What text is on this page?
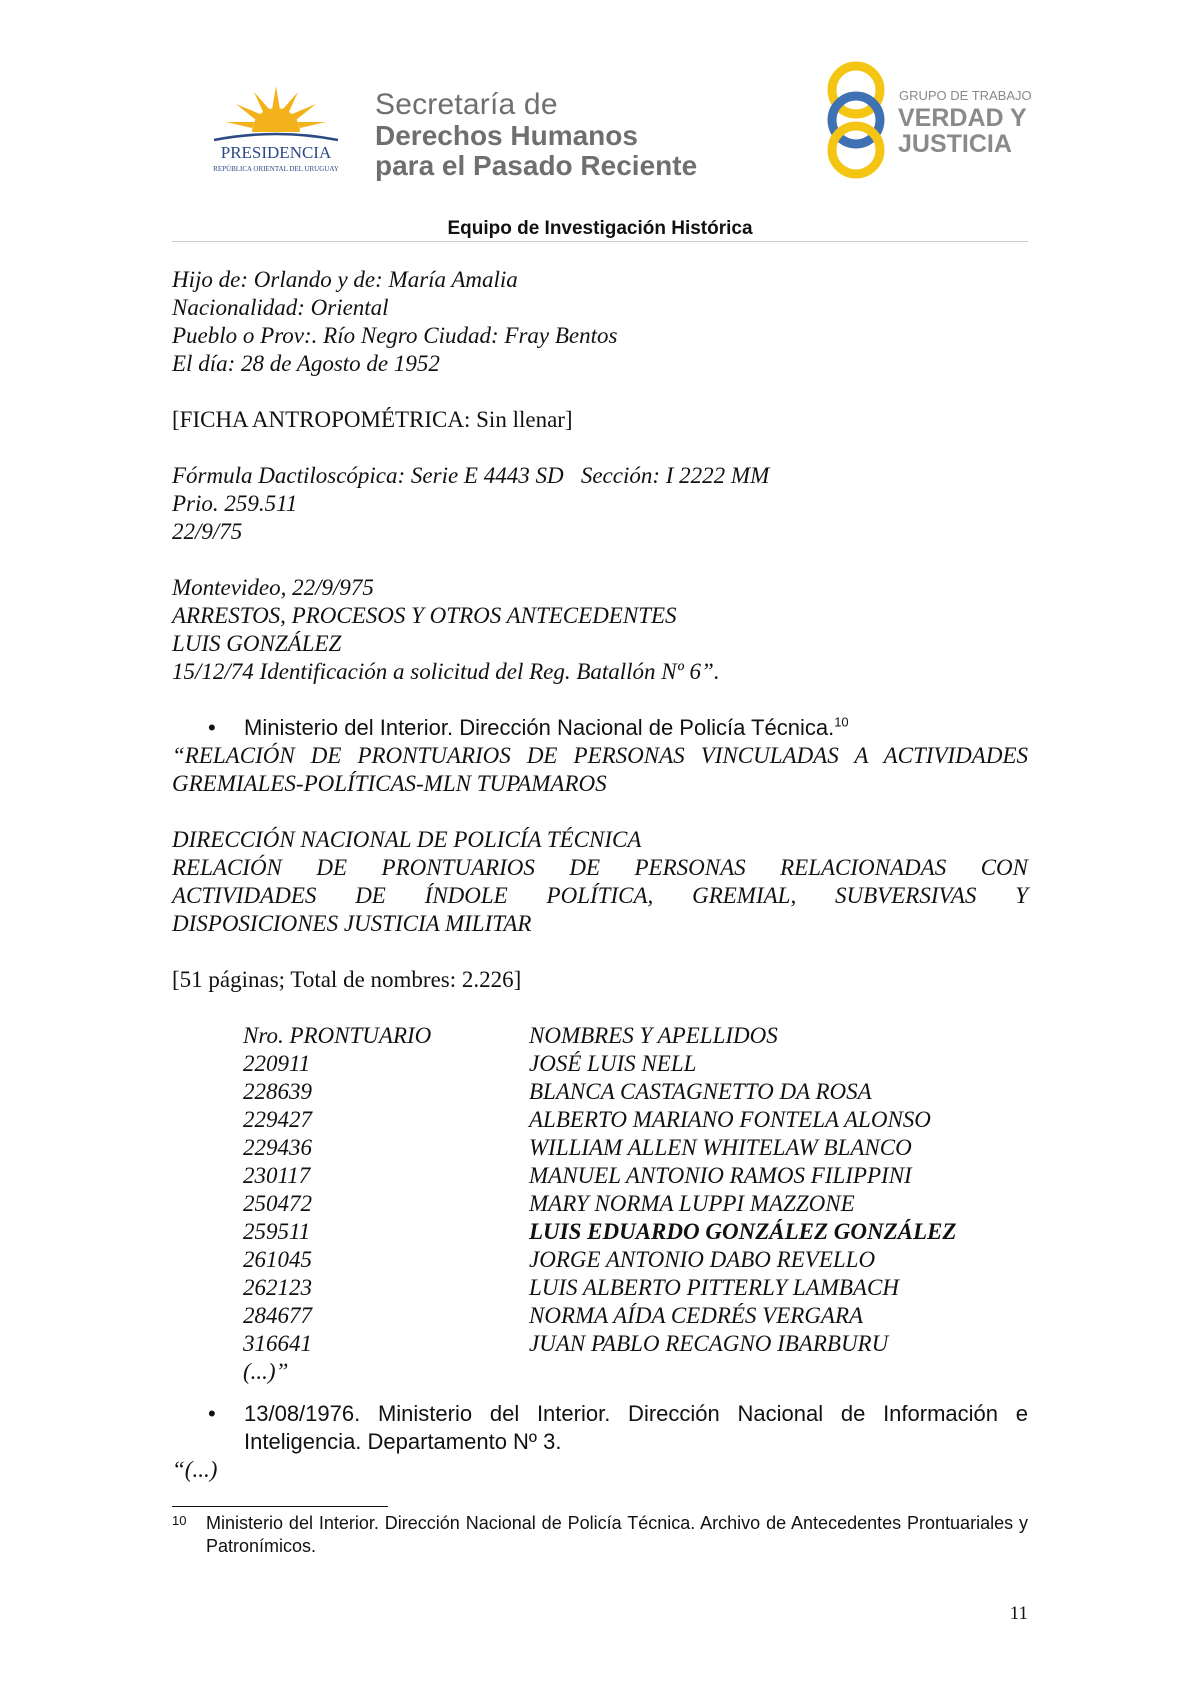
PRESIDENCIA
REPÚBLICA ORIENTAL DEL URUGUAY
Secretaría de
Derechos Humanos
para el Pasado Reciente
GRUPO DE TRABAJO
VERDAD Y
JUSTICIA
Equipo de Investigación Histórica
Hijo de: Orlando y de: María Amalia
Nacionalidad: Oriental
Pueblo o Prov:. Río Negro Ciudad: Fray Bentos
El día: 28 de Agosto de 1952
[FICHA ANTROPOMÉTRICA: Sin llenar]
Fórmula Dactiloscópica: Serie E 4443 SD   Sección: I 2222 MM
Prio. 259.511
22/9/75
Montevideo, 22/9/975
ARRESTOS, PROCESOS Y OTROS ANTECEDENTES
LUIS GONZÁLEZ
15/12/74 Identificación a solicitud del Reg. Batallón Nº 6”.
• Ministerio del Interior. Dirección Nacional de Policía Técnica.$^{10}$
“RELACIÓN DE PRONTUARIOS DE PERSONAS VINCULADAS A ACTIVIDADES
GREMIALES-POLÍTICAS-MLN TUPAMAROS
DIRECCIÓN NACIONAL DE POLICÍA TÉCNICA
RELACIÓN DE PRONTUARIOS DE PERSONAS RELACIONADAS CON
ACTIVIDADES DE ÍNDOLE POLÍTICA, GREMIAL, SUBVERSIVAS Y
DISPOSICIONES JUSTICIA MILITAR
[51 páginas; Total de nombres: 2.226]
Nro. PRONTUARIO	NOMBRES Y APELLIDOS
220911	JOSÉ LUIS NELL
228639	BLANCA CASTAGNETTO DA ROSA
229427	ALBERTO MARIANO FONTELA ALONSO
229436	WILLIAM ALLEN WHITELAW BLANCO
230117	MANUEL ANTONIO RAMOS FILIPPINI
250472	MARY NORMA LUPPI MAZZONE
259511	LUIS EDUARDO GONZÁLEZ GONZÁLEZ
261045	JORGE ANTONIO DABO REVELLO
262123	LUIS ALBERTO PITTERLY LAMBACH
284677	NORMA AÍDA CEDRÉS VERGARA
316641	JUAN PABLO RECAGNO IBARBURU
(...)”	
• 13/08/1976. Ministerio del Interior. Dirección Nacional de Información e
Inteligencia. Departamento Nº 3.
“(...)
10 Ministerio del Interior. Dirección Nacional de Policía Técnica. Archivo de Antecedentes Prontuariales y Patronímicos.
11
